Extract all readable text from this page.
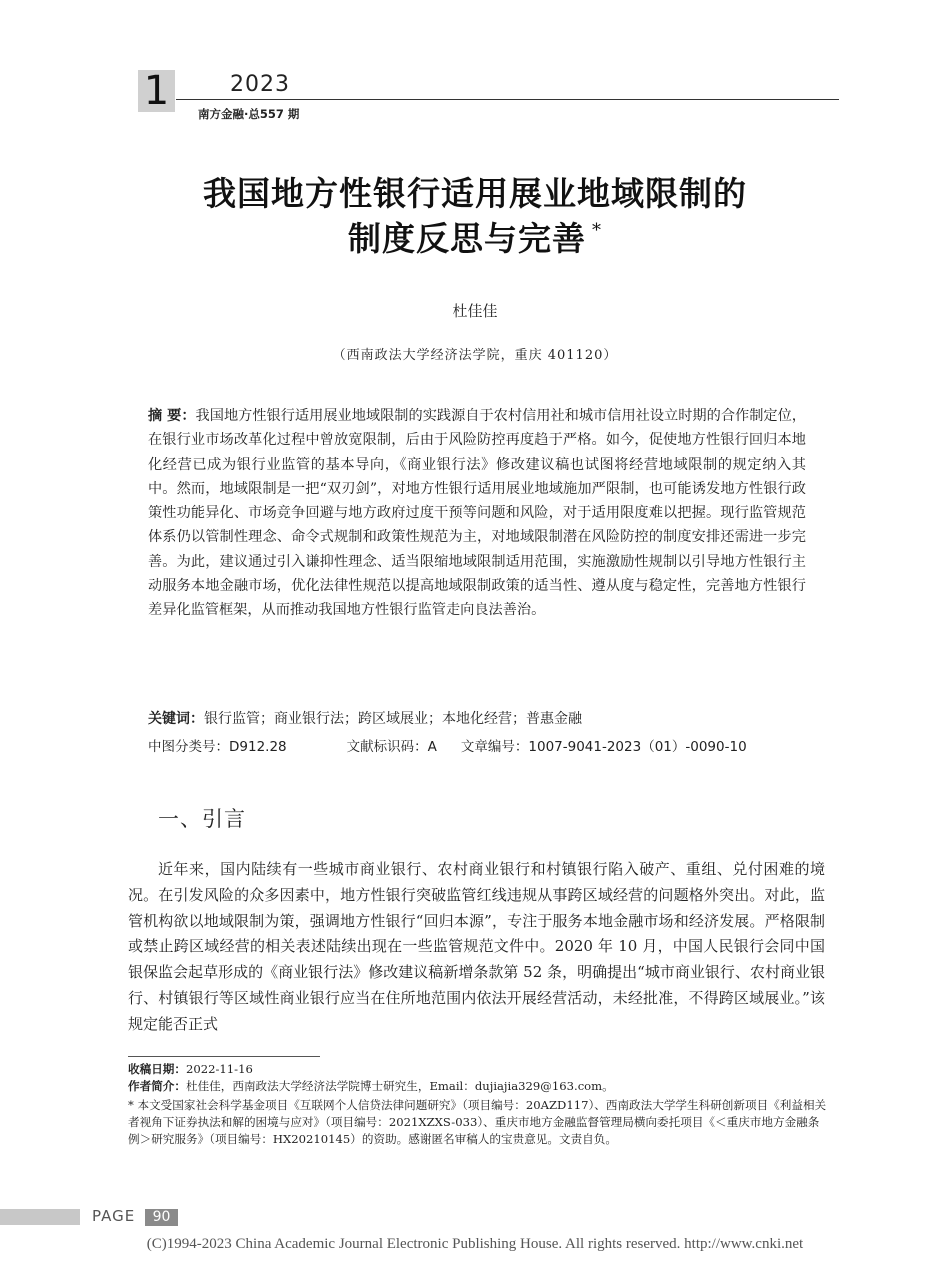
1	2023
南方金融·总557 期
我国地方性银行适用展业地域限制的
制度反思与完善 *
杜佳佳
（西南政法大学经济法学院，重庆 401120）
摘 要：我国地方性银行适用展业地域限制的实践源自于农村信用社和城市信用社设立时期的合作制定位，在银行业市场改革化过程中曾放宽限制，后由于风险防控再度趋于严格。如今，促使地方性银行回归本地化经营已成为银行业监管的基本导向，《商业银行法》修改建议稿也试图将经营地域限制的规定纳入其中。然而，地域限制是一把“双刃剑”，对地方性银行适用展业地域施加严限制，也可能诱发地方性银行政策性功能异化、市场竞争回避与地方政府过度干预等问题和风险，对于适用限度难以把握。现行监管规范体系仍以管制性理念、命令式规制和政策性规范为主，对地域限制潜在风险防控的制度安排还需进一步完善。为此，建议通过引入谦抑性理念、适当限缩地域限制适用范围，实施激励性规制以引导地方性银行主动服务本地金融市场，优化法律性规范以提高地域限制政策的适当性、遵从度与稳定性，完善地方性银行差异化监管框架，从而推动我国地方性银行监管走向良法善治。
关键词：银行监管；商业银行法；跨区域展业；本地化经营；普惠金融
中图分类号：D912.28	文献标识码：A 文章编号：1007-9041-2023（01）-0090-10
一、引言
近年来，国内陆续有一些城市商业银行、农村商业银行和村镇银行陷入破产、重组、兑付困难的境况。在引发风险的众多因素中，地方性银行突破监管红线违规从事跨区域经营的问题格外突出。对此，监管机构欲以地域限制为策，强调地方性银行“回归本源”，专注于服务本地金融市场和经济发展。严格限制或禁止跨区域经营的相关表述陆续出现在一些监管规范文件中。2020 年 10 月，中国人民银行会同中国银保监会起草形成的《商业银行法》修改建议稿新增条款第 52 条，明确提出“城市商业银行、农村商业银行、村镇银行等区域性商业银行应当在住所地范围内依法开展经营活动，未经批准，不得跨区域展业。”该规定能否正式
收稿日期：2022-11-16
作者简介：杜佳佳，西南政法大学经济法学院博士研究生，Email：dujiajia329@163.com。
* 本文受国家社会科学基金项目《互联网个人信贷法律问题研究》（项目编号：20AZD117）、西南政法大学学生科研创新项目《利益相关者视角下证券执法和解的困境与应对》（项目编号：2021XZXS-033）、重庆市地方金融监督管理局横向委托项目《＜重庆市地方金融条例＞研究服务》（项目编号：HX20210145）的资助。感谢匿名审稿人的宝贵意见。文责自负。
PAGE	90
(C)1994-2023 China Academic Journal Electronic Publishing House. All rights reserved. http://www.cnki.net
